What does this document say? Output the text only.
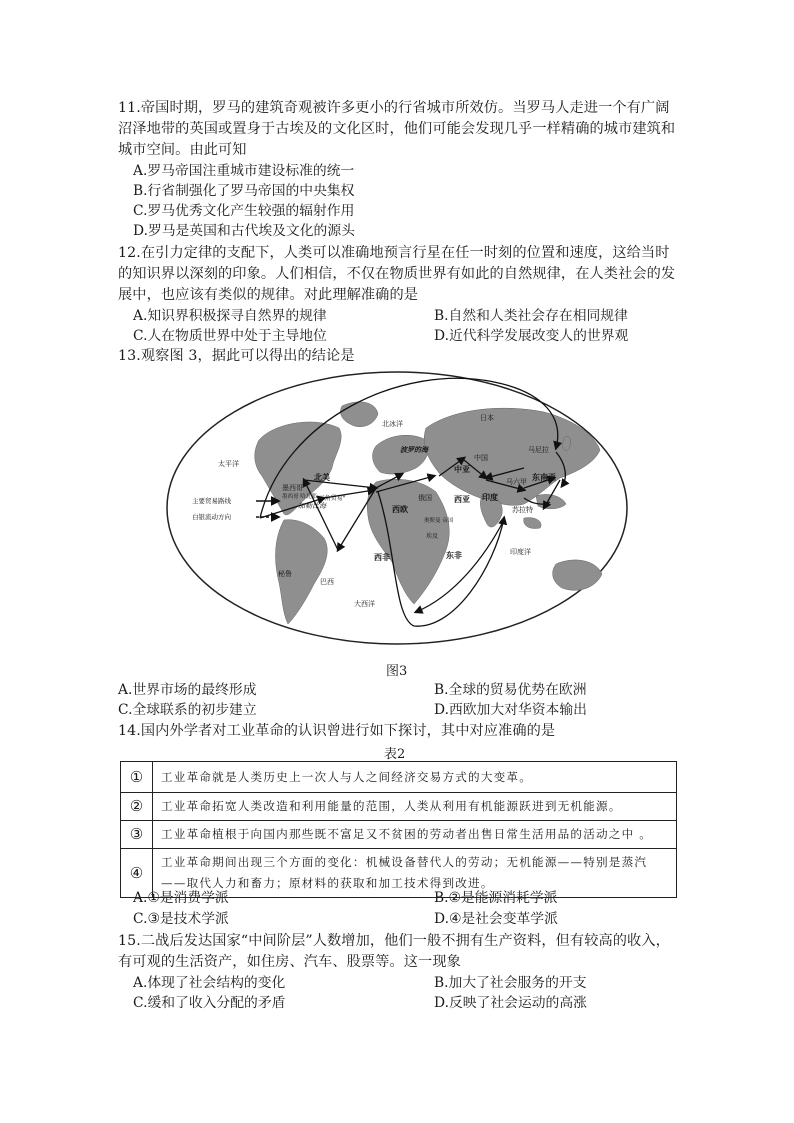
11.帝国时期，罗马的建筑奇观被许多更小的行省城市所效仿。当罗马人走进一个有广阔沼泽地带的英国或置身于古埃及的文化区时，他们可能会发现几乎一样精确的城市建筑和城市空间。由此可知
A.罗马帝国注重城市建设标准的统一
B.行省制强化了罗马帝国的中央集权
C.罗马优秀文化产生较强的辐射作用
D.罗马是英国和古代埃及文化的源头
12.在引力定律的支配下，人类可以准确地预言行星在任一时刻的位置和速度，这给当时的知识界以深刻的印象。人们相信，不仅在物质世界有如此的自然规律，在人类社会的发展中，也应该有类似的规律。对此理解准确的是
A.知识界积极探寻自然界的规律	B.自然和人类社会存在相同规律
C.人在物质世界中处于主导地位	D.近代科学发展改变人的世界观
13.观察图 3，据此可以得出的结论是
太平洋
北冰洋
日本
中国
马尼拉
东南亚
马六甲
苏拉特
中亚
西亚 印度
俄国
波罗的海
北美
墨西哥
加勒比海
"三角贸易"
西欧
主要贸易路线
白银流动方向
墨西哥 哈瓦那
秘鲁
西非	东非
奥斯曼 帝国
埃及
巴西
大西洋
印度洋
图3
A.世界市场的最终形成	B.全球的贸易优势在欧洲
C.全球联系的初步建立	D.西欧加大对华资本输出
14.国内外学者对工业革命的认识曾进行如下探讨，其中对应准确的是
表2
①	工业革命就是人类历史上一次人与人之间经济交易方式的大变革。
②	工业革命拓宽人类改造和利用能量的范围，人类从利用有机能源跃进到无机能源。
③	工业革命植根于向国内那些既不富足又不贫困的劳动者出售日常生活用品的活动之中 。
④	工业革命期间出现三个方面的变化：机械设备替代人的劳动；无机能源——特别是蒸汽——取代人力和畜力；原材料的获取和加工技术得到改进。
A.①是消费学派	B.②是能源消耗学派
C.③是技术学派	D.④是社会变革学派
15.二战后发达国家“中间阶层”人数增加，他们一般不拥有生产资料，但有较高的收入，有可观的生活资产，如住房、汽车、股票等。这一现象
A.体现了社会结构的变化	B.加大了社会服务的开支
C.缓和了收入分配的矛盾	D.反映了社会运动的高涨
